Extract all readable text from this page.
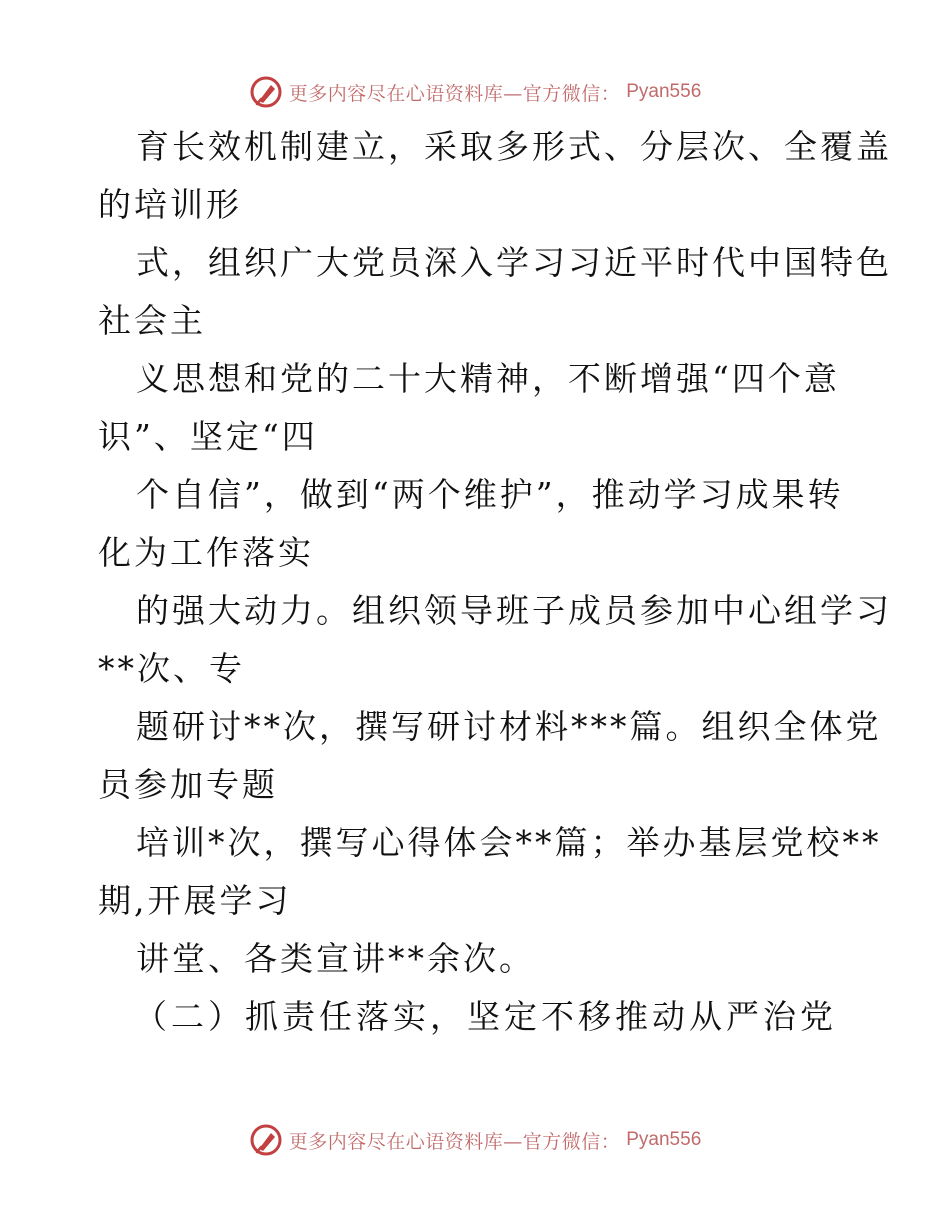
更多内容尽在心语资料库—官方微信： Pyan556
育长效机制建立，采取多形式、分层次、全覆盖
的培训形
式，组织广大党员深入学习习近平时代中国特色
社会主
义思想和党的二十大精神，不断增强“四个意
识”、坚定“四
个自信”，做到“两个维护”，推动学习成果转
化为工作落实
的强大动力。组织领导班子成员参加中心组学习
**次、专
题研讨**次，撰写研讨材料***篇。组织全体党
员参加专题
培训*次，撰写心得体会**篇；举办基层党校**
期,开展学习
讲堂、各类宣讲**余次。
（二）抓责任落实，坚定不移推动从严治党
更多内容尽在心语资料库—官方微信： Pyan556
